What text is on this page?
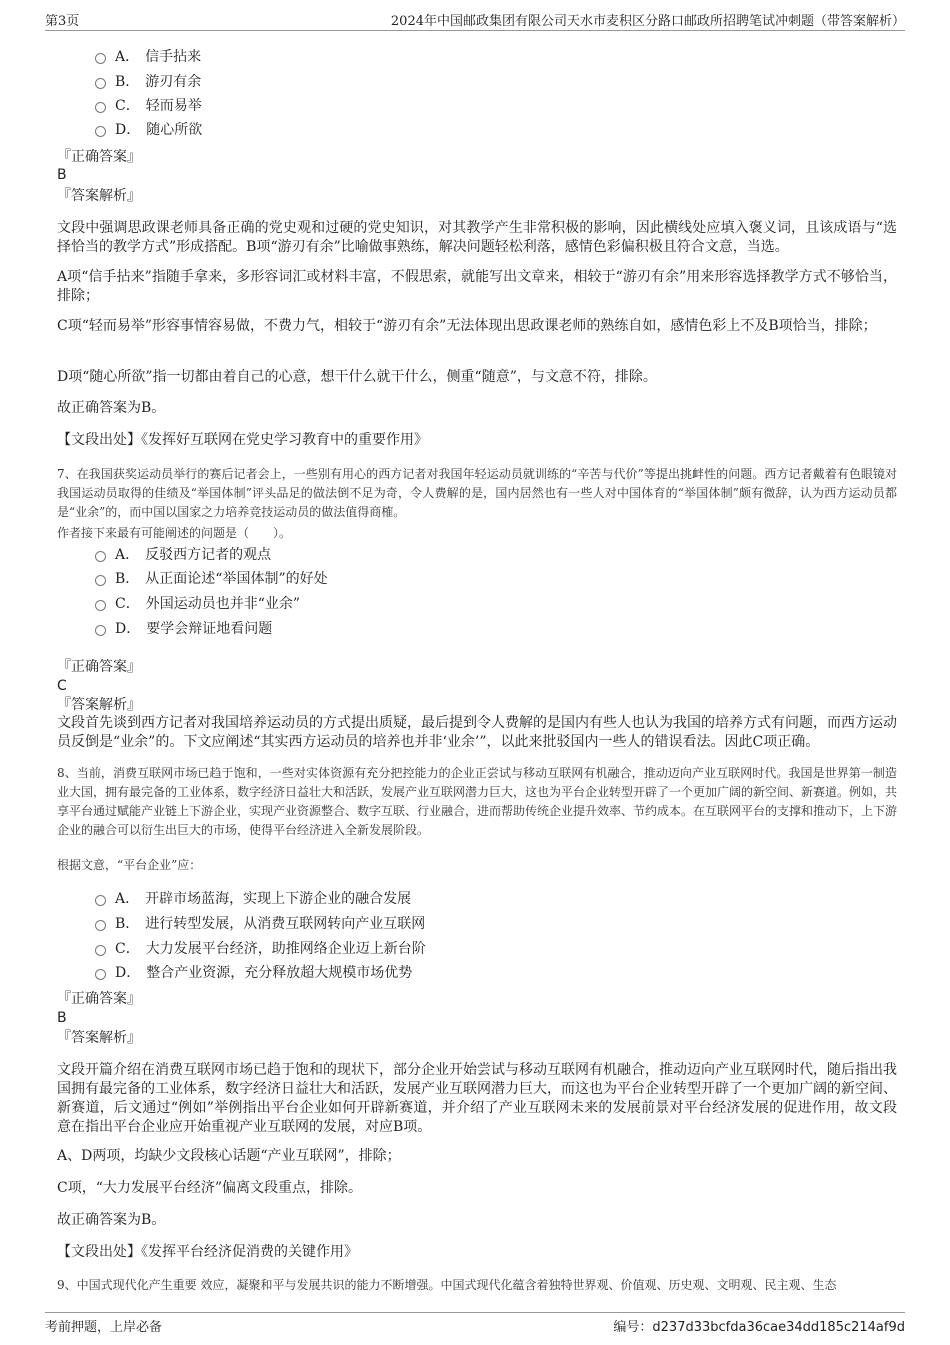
第3页	2024年中国邮政集团有限公司天水市麦积区分路口邮政所招聘笔试冲刺题（带答案解析）
A． 信手拈来
B． 游刃有余
C． 轻而易举
D． 随心所欲
『正确答案』
B
『答案解析』
文段中强调思政课老师具备正确的党史观和过硬的党史知识，对其教学产生非常积极的影响，因此横线处应填入褒义词，且该成语与“选择恰当的教学方式”形成搭配。B项“游刃有余”比喻做事熟练，解决问题轻松利落，感情色彩偏积极且符合文意，当选。
A项“信手拈来”指随手拿来，多形容词汇或材料丰富，不假思索，就能写出文章来，相较于“游刃有余”用来形容选择教学方式不够恰当，排除；
C项“轻而易举”形容事情容易做，不费力气，相较于“游刃有余”无法体现出思政课老师的熟练自如，感情色彩上不及B项恰当，排除；
D项“随心所欲”指一切都由着自己的心意，想干什么就干什么，侧重“随意”，与文意不符，排除。
故正确答案为B。
【文段出处】《发挥好互联网在党史学习教育中的重要作用》
7、在我国获奖运动员举行的赛后记者会上，一些别有用心的西方记者对我国年轻运动员就训练的“辛苦与代价”等提出挑衅性的问题。西方记者戴着有色眼镜对我国运动员取得的佳绩及“举国体制”评头品足的做法倒不足为奇，令人费解的是，国内居然也有一些人对中国体育的“举国体制”颇有微辞，认为西方运动员都是“业余”的，而中国以国家之力培养竞技运动员的做法值得商榷。
作者接下来最有可能阐述的问题是（　　）。
A． 反驳西方记者的观点
B． 从正面论述“举国体制”的好处
C． 外国运动员也并非“业余”
D． 要学会辩证地看问题
『正确答案』
C
『答案解析』
文段首先谈到西方记者对我国培养运动员的方式提出质疑，最后提到令人费解的是国内有些人也认为我国的培养方式有问题，而西方运动员反倒是“业余”的。下文应阐述“其实西方运动员的培养也并非‘业余’”，以此来批驳国内一些人的错误看法。因此C项正确。
8、当前，消费互联网市场已趋于饱和，一些对实体资源有充分把控能力的企业正尝试与移动互联网有机融合，推动迈向产业互联网时代。我国是世界第一制造业大国，拥有最完备的工业体系，数字经济日益壮大和活跃，发展产业互联网潜力巨大，这也为平台企业转型开辟了一个更加广阔的新空间、新赛道。例如，共享平台通过赋能产业链上下游企业，实现产业资源整合、数字互联、行业融合，进而帮助传统企业提升效率、节约成本。在互联网平台的支撑和推动下，上下游企业的融合可以衍生出巨大的市场，使得平台经济进入全新发展阶段。
根据文意，“平台企业”应：
A． 开辟市场蓝海，实现上下游企业的融合发展
B． 进行转型发展，从消费互联网转向产业互联网
C． 大力发展平台经济，助推网络企业迈上新台阶
D． 整合产业资源，充分释放超大规模市场优势
『正确答案』
B
『答案解析』
文段开篇介绍在消费互联网市场已趋于饱和的现状下，部分企业开始尝试与移动互联网有机融合，推动迈向产业互联网时代，随后指出我国拥有最完备的工业体系，数字经济日益壮大和活跃，发展产业互联网潜力巨大，而这也为平台企业转型开辟了一个更加广阔的新空间、新赛道，后文通过“例如”举例指出平台企业如何开辟新赛道，并介绍了产业互联网未来的发展前景对平台经济发展的促进作用，故文段意在指出平台企业应开始重视产业互联网的发展，对应B项。
A、D两项，均缺少文段核心话题“产业互联网”，排除；
C项，“大力发展平台经济”偏离文段重点，排除。
故正确答案为B。
【文段出处】《发挥平台经济促消费的关键作用》
9、中国式现代化产生重要 效应，凝聚和平与发展共识的能力不断增强。中国式现代化蕴含着独特世界观、价值观、历史观、文明观、民主观、生态
考前押题，上岸必备	编号：d237d33bcfda36cae34dd185c214af9d
